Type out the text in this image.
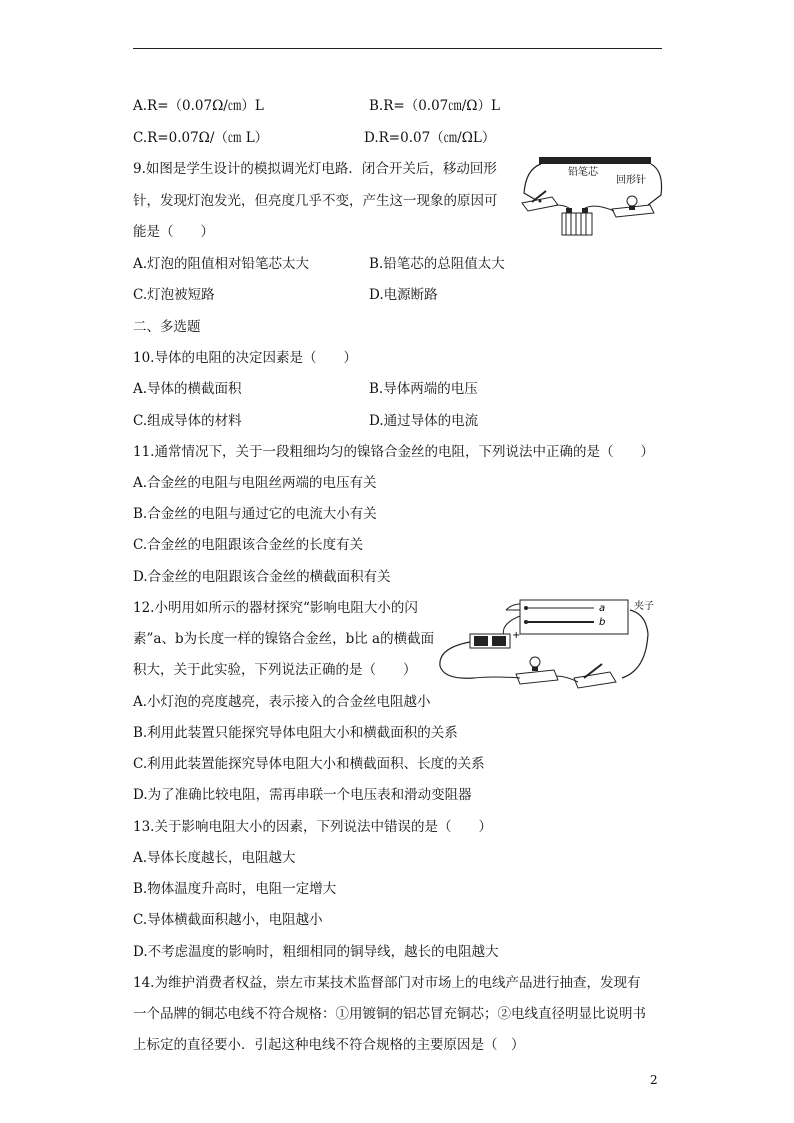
A.R=（0.07Ω/㎝）L	B.R=（0.07㎝/Ω）L
C.R=0.07Ω/（㎝ L）	D.R=0.07（㎝/ΩL）
9.如图是学生设计的模拟调光灯电路．闭合开关后，移动回形
针，发现灯泡发光，但亮度几乎不变，产生这一现象的原因可
能是（　　）
铅笔芯
回形针
A.灯泡的阻值相对铅笔芯太大	B.铅笔芯的总阻值太大
C.灯泡被短路	D.电源断路
二、多选题
10.导体的电阻的决定因素是（　　）
A.导体的横截面积	B.导体两端的电压
C.组成导体的材料	D.通过导体的电流
11.通常情况下，关于一段粗细均匀的镍铬合金丝的电阻，下列说法中正确的是（　　）
A.合金丝的电阻与电阻丝两端的电压有关
B.合金丝的电阻与通过它的电流大小有关
C.合金丝的电阻跟该合金丝的长度有关
D.合金丝的电阻跟该合金丝的横截面积有关
12.小明用如所示的器材探究“影响电阻大小的闪
素”a、b为长度一样的镍铬合金丝，b比 a的横截面
积大，关于此实验，下列说法正确的是（　　）
a
b
夹子
+
A.小灯泡的亮度越亮，表示接入的合金丝电阻越小
B.利用此装置只能探究导体电阻大小和横截面积的关系
C.利用此装置能探究导体电阻大小和横截面积、长度的关系
D.为了准确比较电阻，需再串联一个电压表和滑动变阻器
13.关于影响电阻大小的因素，下列说法中错误的是（　　）
A.导体长度越长，电阻越大
B.物体温度升高时，电阻一定增大
C.导体横截面积越小，电阻越小
D.不考虑温度的影响时，粗细相同的铜导线，越长的电阻越大
14.为维护消费者权益，崇左市某技术监督部门对市场上的电线产品进行抽查，发现有
一个品牌的铜芯电线不符合规格：①用镀铜的铝芯冒充铜芯；②电线直径明显比说明书
上标定的直径要小．引起这种电线不符合规格的主要原因是（　）
2
